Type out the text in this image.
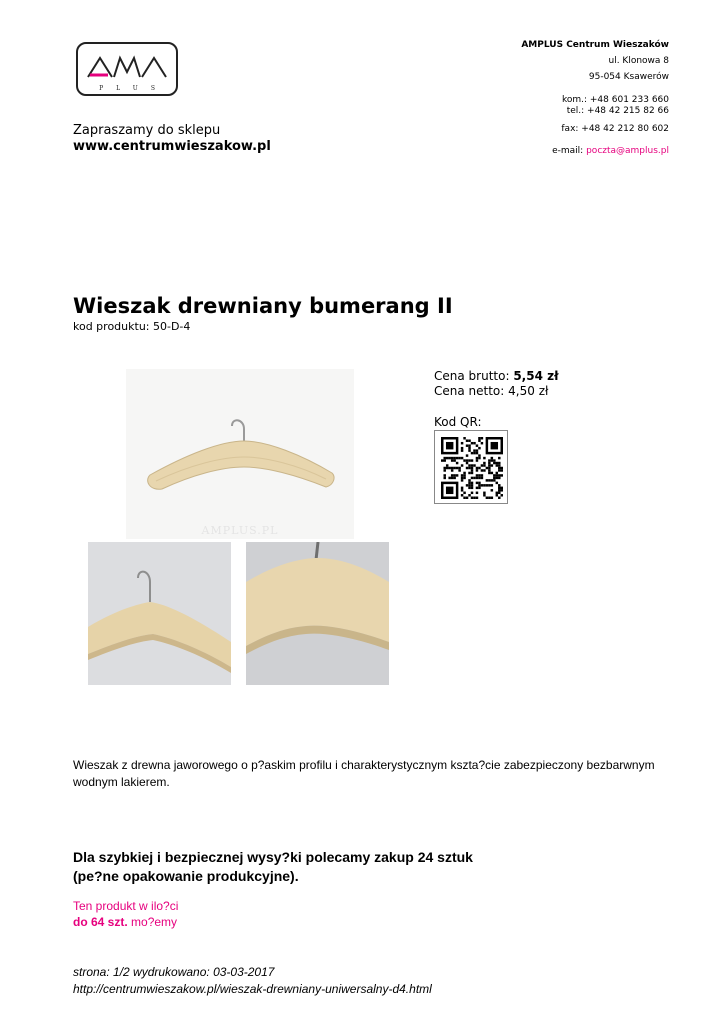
PLUS
Zapraszamy do sklepu
www.centrumwieszakow.pl
AMPLUS Centrum Wieszaków
ul. Klonowa 8
95-054 Ksawerów
kom.: +48 601 233 660
tel.: +48 42 215 82 66
fax: +48 42 212 80 602
e-mail: poczta@amplus.pl
Wieszak drewniany bumerang II
kod produktu: 50-D-4
AMPLUS.PL
Cena brutto: 5,54 zł
Cena netto: 4,50 zł
Kod QR:
Wieszak z drewna jaworowego o p?askim profilu i charakterystycznym kszta?cie zabezpieczony bezbarwnym wodnym lakierem.
Dla szybkiej i bezpiecznej wysy?ki polecamy zakup 24 sztuk
(pe?ne opakowanie produkcyjne).
Ten produkt w ilo?ci
do 64 szt. mo?emy
strona: 1/2 wydrukowano: 03-03-2017
http://centrumwieszakow.pl/wieszak-drewniany-uniwersalny-d4.html
